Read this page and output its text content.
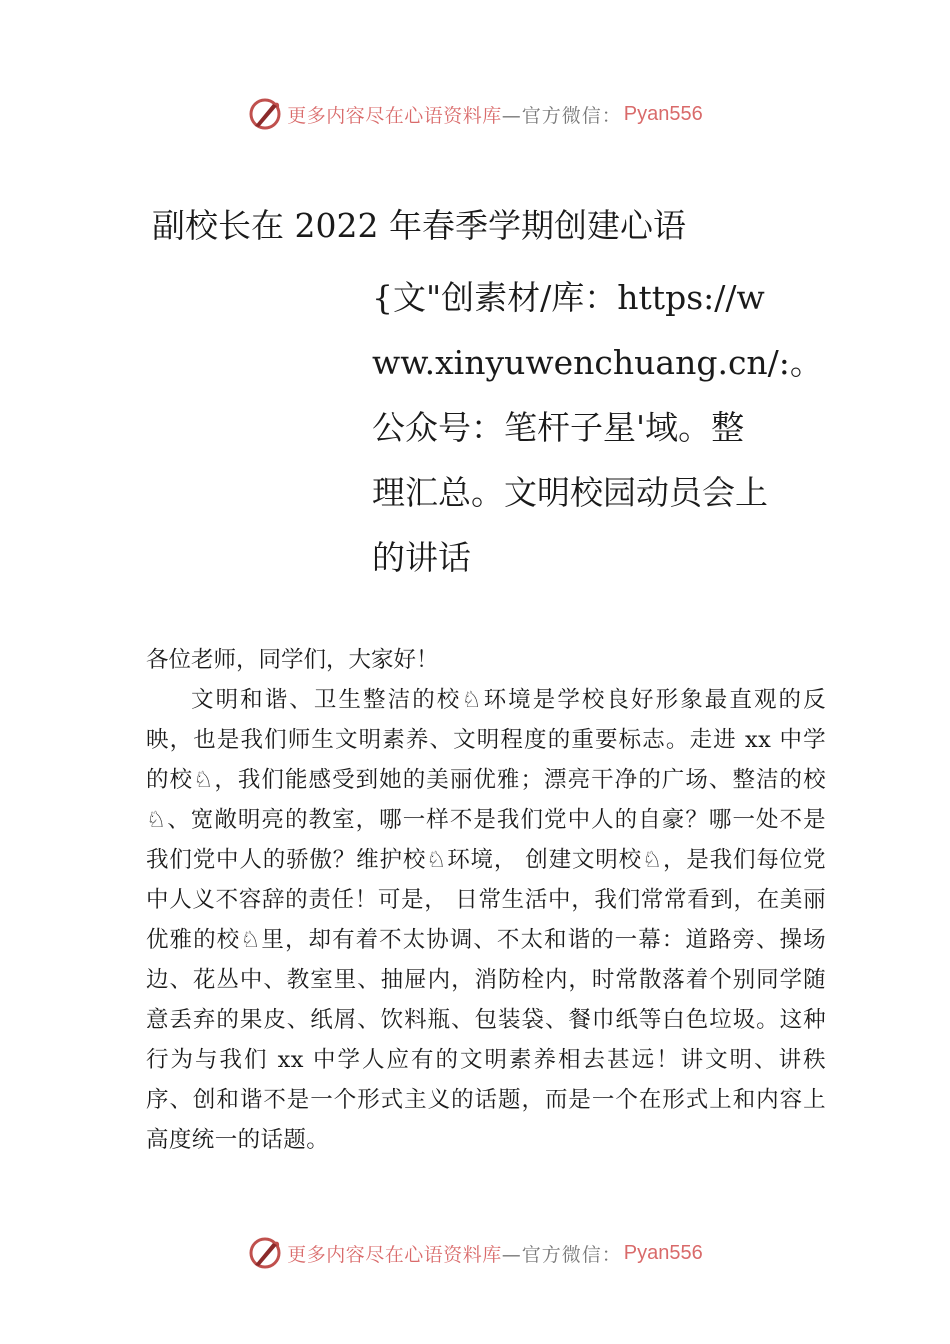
更多内容尽在心语资料库 —官方微信： Pyan556
副校长在 2022 年春季学期创建心语
{文"创素材/库：https://w
ww.xinyuwenchuang.cn/:。
公众号：笔杆子星'域。整
理汇总。文明校园动员会上
的讲话

各位老师，同学们，大家好！

文明和谐、卫生整洁的校♘环境是学校良好形象最直观的反映，也是我们师生文明素养、文明程度的重要标志。走进 xx 中学的校♘，我们能感受到她的美丽优雅；漂亮干净的广场、整洁的校♘、宽敞明亮的教室，哪一样不是我们党中人的自豪？哪一处不是我们党中人的骄傲？维护校♘环境， 创建文明校♘，是我们每位党中人义不容辞的责任！可是， 日常生活中，我们常常看到，在美丽优雅的校♘里，却有着不太协调、不太和谐的一幕：道路旁、操场边、花丛中、教室里、抽屉内，消防栓内，时常散落着个别同学随意丢弃的果皮、纸屑、饮料瓶、包装袋、餐巾纸等白色垃圾。这种行为与我们 xx 中学人应有的文明素养相去甚远！讲文明、讲秩序、创和谐不是一个形式主义的话题，而是一个在形式上和内容上高度统一的话题。

更多内容尽在心语资料库 —官方微信： Pyan556
